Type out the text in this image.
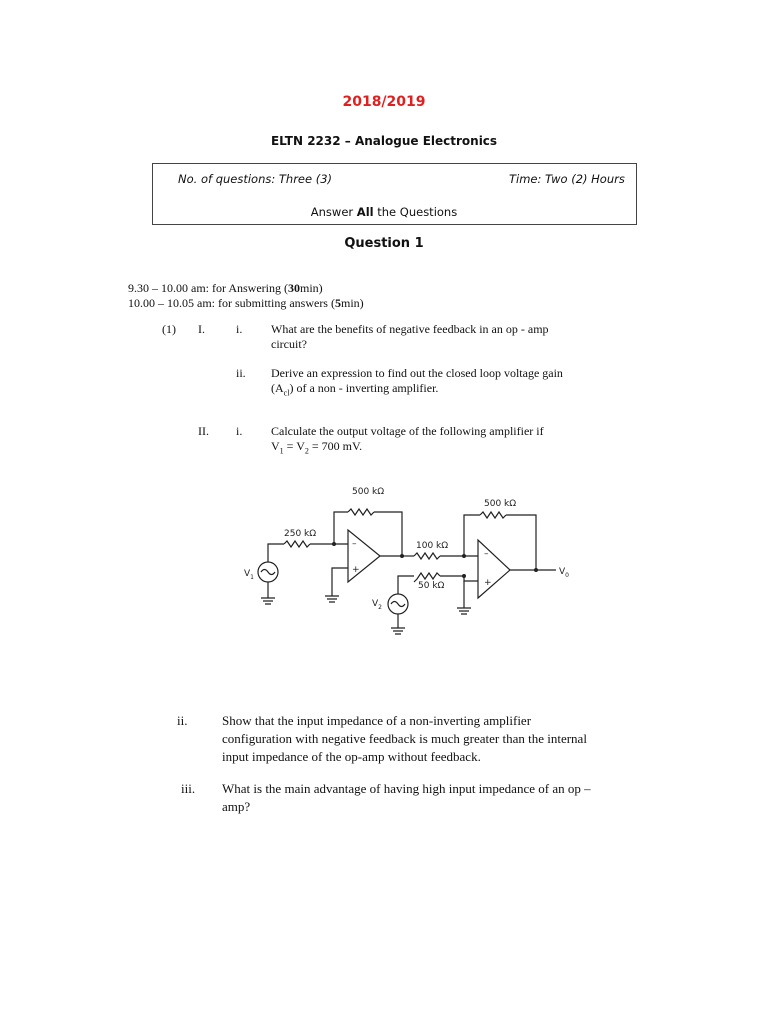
2018/2019
ELTN 2232 – Analogue Electronics
No. of questions: Three (3)	Time: Two (2) Hours
Answer All the Questions
Question 1
9.30 – 10.00 am: for Answering (30min)
10.00 – 10.05 am: for submitting answers (5min)
(1) I.	i. What are the benefits of negative feedback in an op - amp
circuit?
ii. Derive an expression to find out the closed loop voltage gain
$(A_{cl})$ of a non - inverting amplifier.
II. i. Calculate the output voltage of the following amplifier if
$V_1 = V_2 = 700$ mV.
500 kΩ
500 kΩ
250 kΩ
100 kΩ
50 kΩ
–
+
–
+
$V_1$
$V_2$
$V_0$
ii.	Show that the input impedance of a non-inverting amplifier
configuration with negative feedback is much greater than the internal
input impedance of the op-amp without feedback.
iii. What is the main advantage of having high input impedance of an op –
amp?
